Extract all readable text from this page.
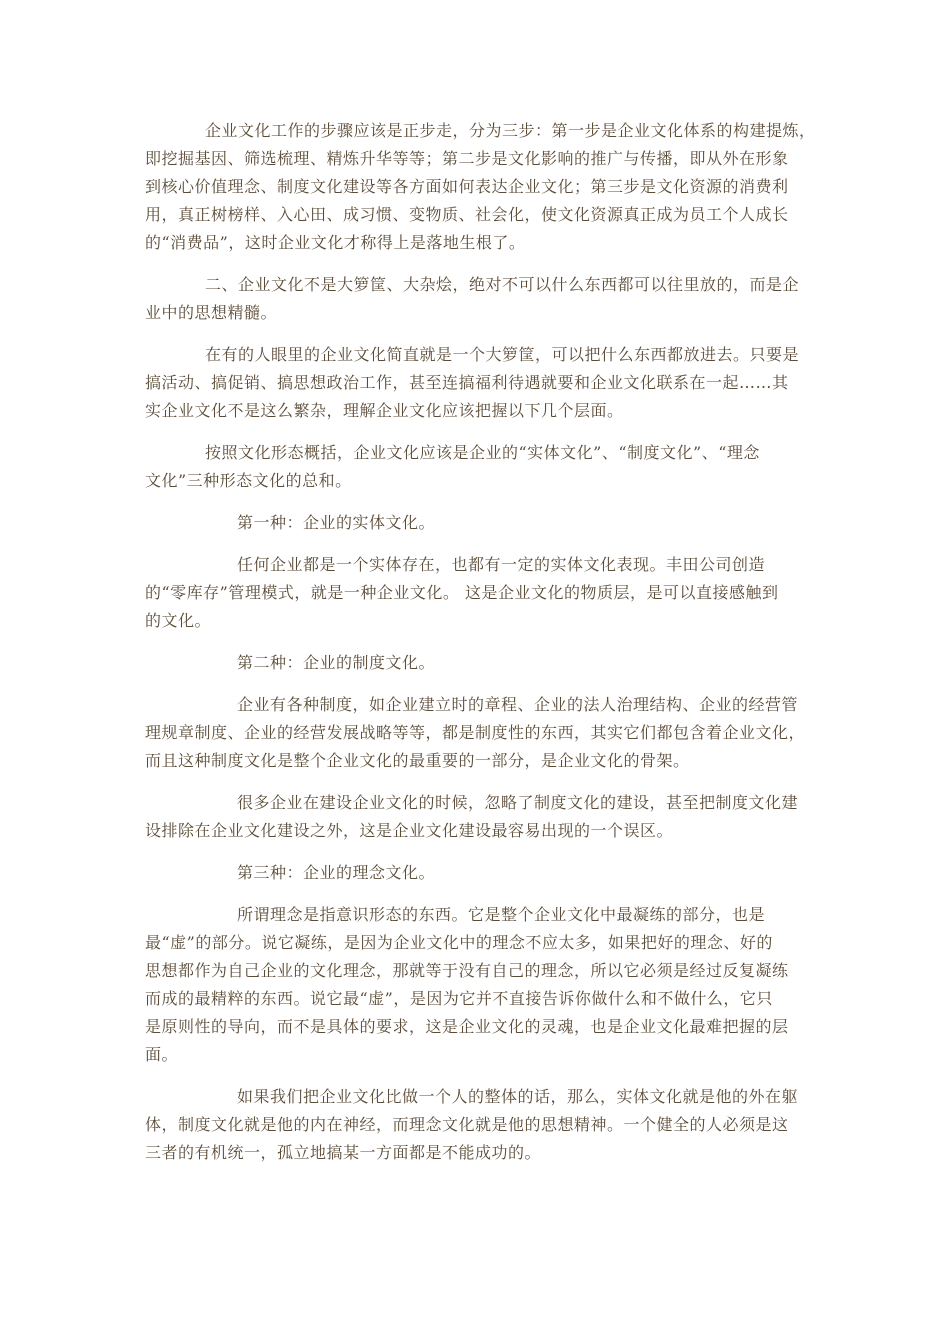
企业文化工作的步骤应该是正步走，分为三步：第一步是企业文化体系的构建提炼，
即挖掘基因、筛选梳理、精炼升华等等；第二步是文化影响的推广与传播，即从外在形象
到核心价值理念、制度文化建设等各方面如何表达企业文化；第三步是文化资源的消费利
用，真正树榜样、入心田、成习惯、变物质、社会化，使文化资源真正成为员工个人成长
的“消费品”，这时企业文化才称得上是落地生根了。
二、企业文化不是大箩筐、大杂烩，绝对不可以什么东西都可以往里放的，而是企
业中的思想精髓。
在有的人眼里的企业文化简直就是一个大箩筐，可以把什么东西都放进去。只要是
搞活动、搞促销、搞思想政治工作，甚至连搞福利待遇就要和企业文化联系在一起……其
实企业文化不是这么繁杂，理解企业文化应该把握以下几个层面。
按照文化形态概括，企业文化应该是企业的“实体文化”、“制度文化”、“理念
文化”三种形态文化的总和。
第一种：企业的实体文化。
任何企业都是一个实体存在，也都有一定的实体文化表现。丰田公司创造
的“零库存”管理模式，就是一种企业文化。 这是企业文化的物质层，是可以直接感触到
的文化。
第二种：企业的制度文化。
企业有各种制度，如企业建立时的章程、企业的法人治理结构、企业的经营管
理规章制度、企业的经营发展战略等等，都是制度性的东西，其实它们都包含着企业文化，
而且这种制度文化是整个企业文化的最重要的一部分，是企业文化的骨架。
很多企业在建设企业文化的时候，忽略了制度文化的建设，甚至把制度文化建
设排除在企业文化建设之外，这是企业文化建设最容易出现的一个误区。
第三种：企业的理念文化。
所谓理念是指意识形态的东西。它是整个企业文化中最凝练的部分，也是
最“虚”的部分。说它凝练，是因为企业文化中的理念不应太多，如果把好的理念、好的
思想都作为自己企业的文化理念，那就等于没有自己的理念，所以它必须是经过反复凝练
而成的最精粹的东西。说它最“虚”，是因为它并不直接告诉你做什么和不做什么，它只
是原则性的导向，而不是具体的要求，这是企业文化的灵魂，也是企业文化最难把握的层
面。
如果我们把企业文化比做一个人的整体的话，那么，实体文化就是他的外在躯
体，制度文化就是他的内在神经，而理念文化就是他的思想精神。一个健全的人必须是这
三者的有机统一，孤立地搞某一方面都是不能成功的。
